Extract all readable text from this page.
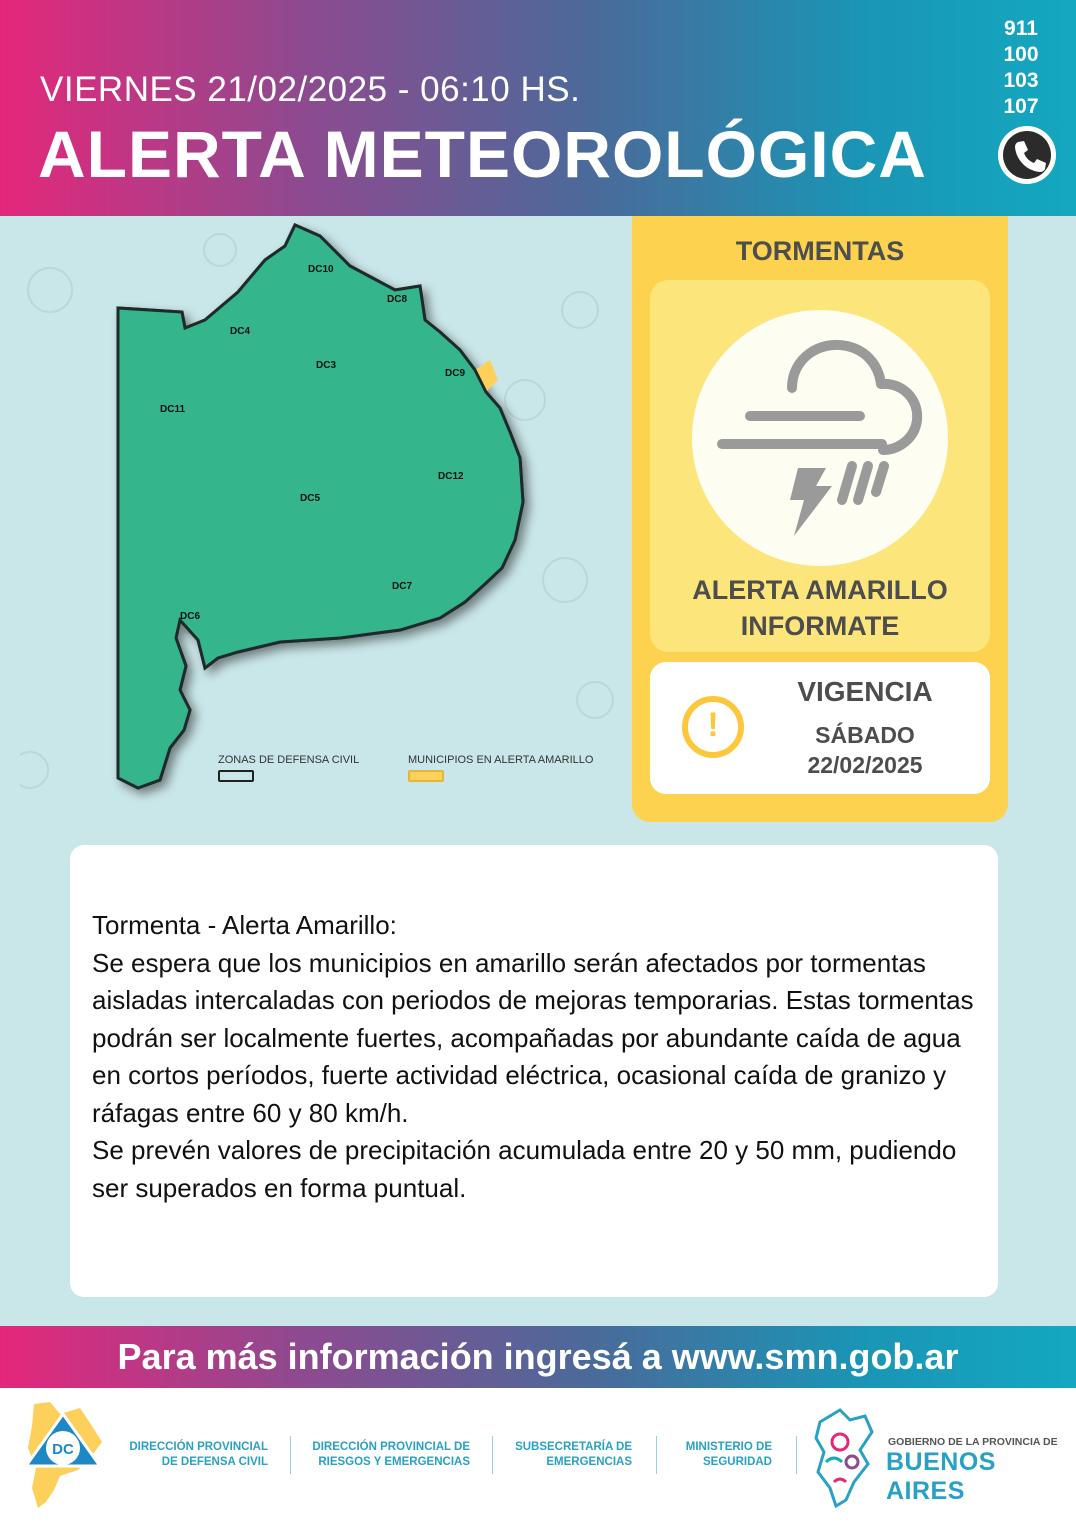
VIERNES 21/02/2025 - 06:10 HS.
ALERTA METEOROLÓGICA
911
100
103
107
DC10
DC8
DC4
DC3
DC9
DC11
DC12
DC5
DC7
DC6
ZONAS DE DEFENSA CIVIL	MUNICIPIOS EN ALERTA AMARILLO
TORMENTAS
ALERTA AMARILLO
INFORMATE
!
VIGENCIA
SÁBADO
22/02/2025

Tormenta - Alerta Amarillo:

Se espera que los municipios en amarillo serán afectados por tormentas aisladas intercaladas con periodos de mejoras temporarias. Estas tormentas podrán ser localmente fuertes, acompañadas por abundante caída de agua en cortos períodos, fuerte actividad eléctrica, ocasional caída de granizo y ráfagas entre 60 y 80 km/h.

Se prevén valores de precipitación acumulada entre 20 y 50 mm, pudiendo ser superados en forma puntual.

Para más información ingresá a www.smn.gob.ar
DC	DIRECCIÓN PROVINCIAL
DE DEFENSA CIVIL
DIRECCIÓN PROVINCIAL DE
RIESGOS Y EMERGENCIAS
SUBSECRETARÍA DE
EMERGENCIAS
MINISTERIO DE
SEGURIDAD
GOBIERNO DE LA PROVINCIA DE
BUENOS AIRES
